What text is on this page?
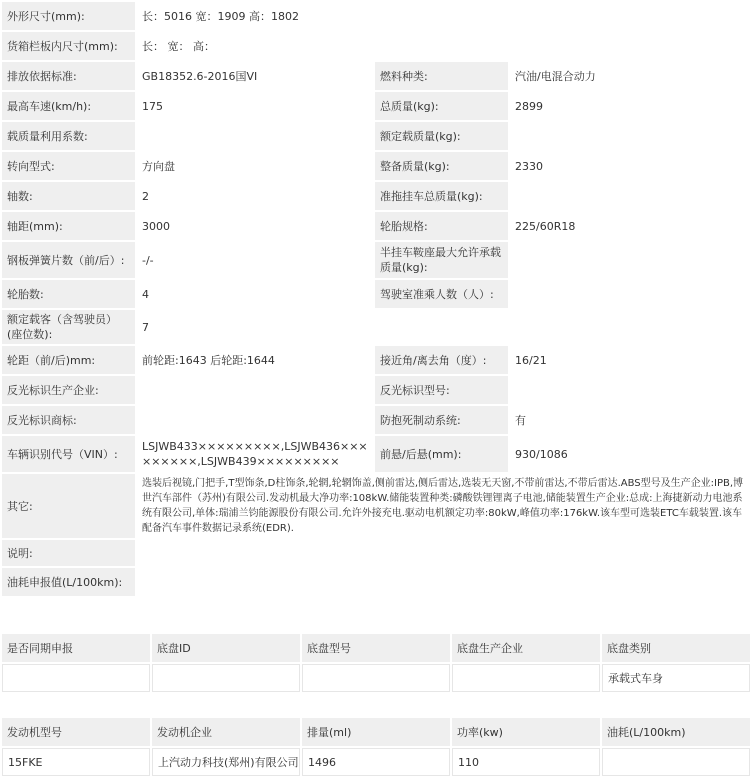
外形尺寸(mm):	长：5016 宽：1909 高：1802		
货箱栏板内尺寸(mm):	长： 宽： 高：		
排放依据标准:	GB18352.6-2016国VI	燃料种类:	汽油/电混合动力
最高车速(km/h):	175	总质量(kg):	2899
载质量利用系数:		额定载质量(kg):	
转向型式:	方向盘	整备质量(kg):	2330
轴数:	2	准拖挂车总质量(kg):	
轴距(mm):	3000	轮胎规格:	225/60R18
钢板弹簧片数（前/后）:	-/-	半挂车鞍座最大允许承载质量(kg):	
轮胎数:	4	驾驶室准乘人数（人）:	
额定载客（含驾驶员）(座位数):	7		
轮距（前/后)mm:	前轮距:1643 后轮距:1644	接近角/离去角（度）:	16/21
反光标识生产企业:		反光标识型号:	
反光标识商标:		防抱死制动系统:	有
车辆识别代号（VIN）:	LSJWB433×××××××××,LSJWB436×××××××××,LSJWB439×××××××××	前悬/后悬(mm):	930/1086
其它:	选装后视镜,门把手,T型饰条,D柱饰条,轮辋,轮辋饰盖,侧前雷达,侧后雷达,选装无天窗,不带前雷达,不带后雷达.ABS型号及生产企业:IPB,博世汽车部件（苏州)有限公司.发动机最大净功率:108kW.储能装置种类:磷酸铁锂锂离子电池,储能装置生产企业:总成:上海捷新动力电池系统有限公司,单体:瑞浦兰钧能源股份有限公司.允许外接充电.驱动电机额定功率:80kW,峰值功率:176kW.该车型可选装ETC车载装置.该车配备汽车事件数据记录系统(EDR).		
说明:			
油耗申报值(L/100km):			
是否同期申报	底盘ID	底盘型号	底盘生产企业	底盘类别
				承载式车身
发动机型号	发动机企业	排量(ml)	功率(kw)	油耗(L/100km)
15FKE	上汽动力科技(郑州)有限公司	1496	110	
